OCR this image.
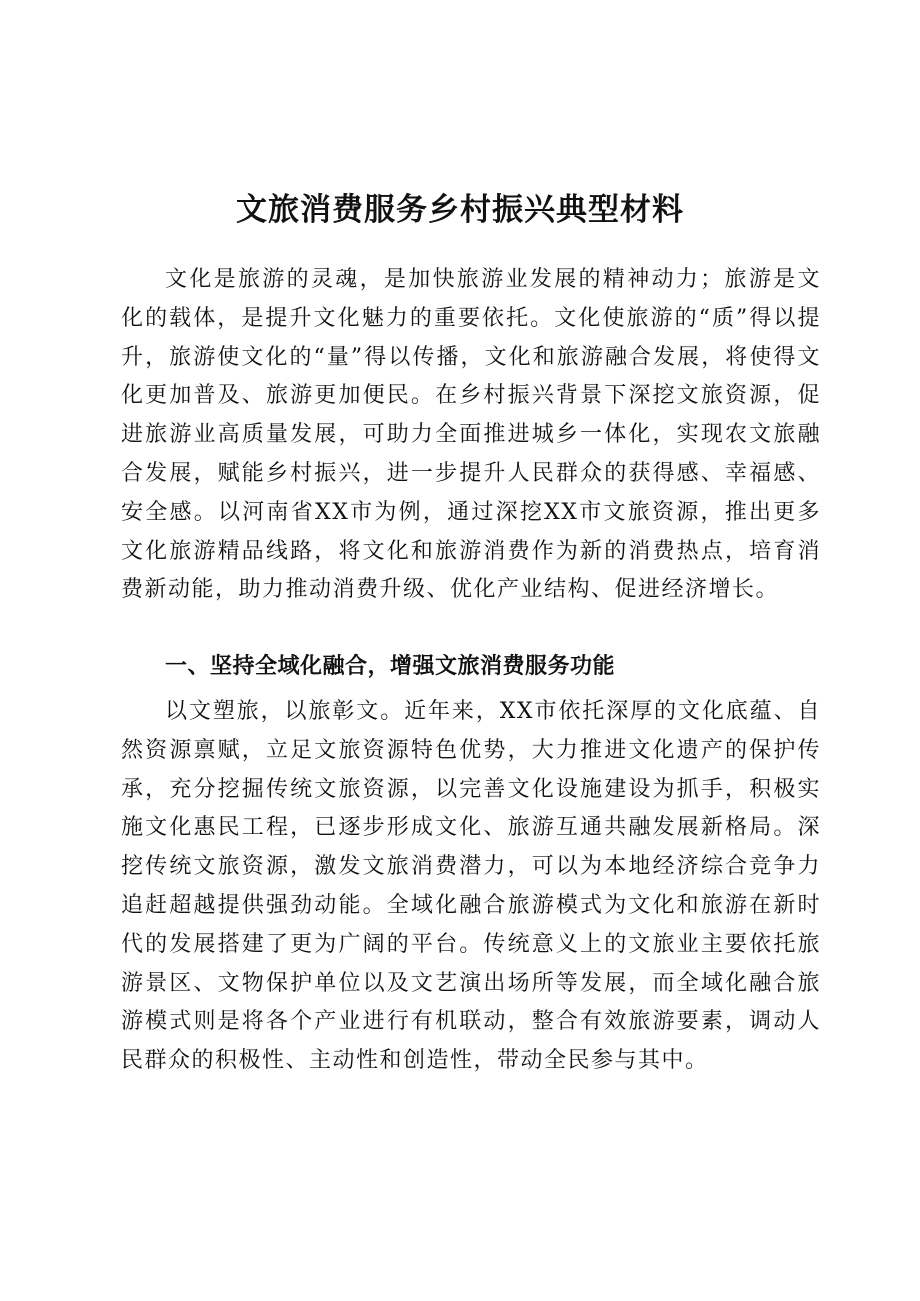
文旅消费服务乡村振兴典型材料

文化是旅游的灵魂，是加快旅游业发展的精神动力；旅游是文化的载体，是提升文化魅力的重要依托。文化使旅游的“质”得以提升，旅游使文化的“量”得以传播，文化和旅游融合发展，将使得文化更加普及、旅游更加便民。在乡村振兴背景下深挖文旅资源，促进旅游业高质量发展，可助力全面推进城乡一体化，实现农文旅融合发展，赋能乡村振兴，进一步提升人民群众的获得感、幸福感、安全感。以河南省XX市为例，通过深挖XX市文旅资源，推出更多文化旅游精品线路，将文化和旅游消费作为新的消费热点，培育消费新动能，助力推动消费升级、优化产业结构、促进经济增长。

一、坚持全域化融合，增强文旅消费服务功能

以文塑旅，以旅彰文。近年来，XX市依托深厚的文化底蕴、自然资源禀赋，立足文旅资源特色优势，大力推进文化遗产的保护传承，充分挖掘传统文旅资源，以完善文化设施建设为抓手，积极实施文化惠民工程，已逐步形成文化、旅游互通共融发展新格局。深挖传统文旅资源，激发文旅消费潜力，可以为本地经济综合竞争力追赶超越提供强劲动能。全域化融合旅游模式为文化和旅游在新时代的发展搭建了更为广阔的平台。传统意义上的文旅业主要依托旅游景区、文物保护单位以及文艺演出场所等发展，而全域化融合旅游模式则是将各个产业进行有机联动，整合有效旅游要素，调动人民群众的积极性、主动性和创造性，带动全民参与其中。
